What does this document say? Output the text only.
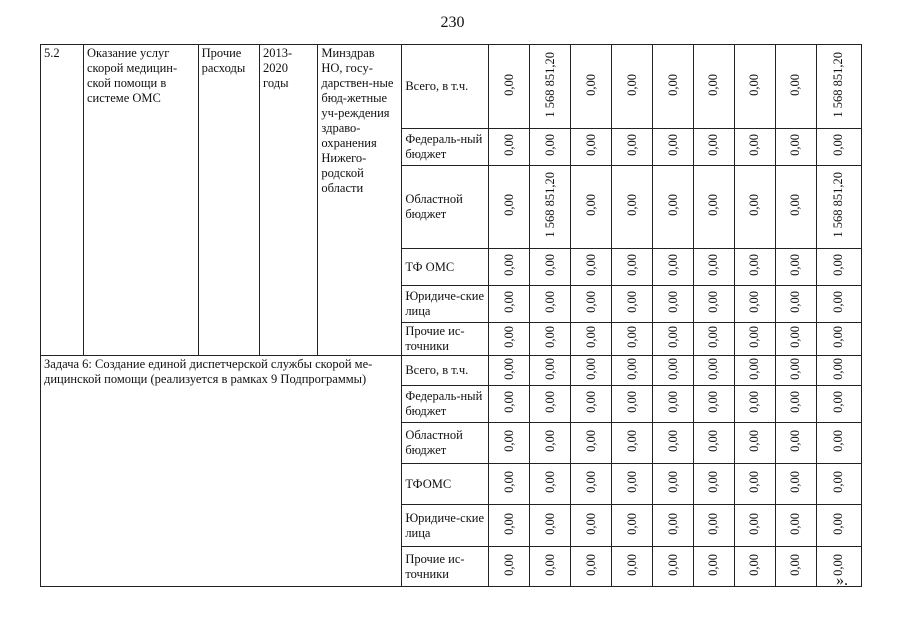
230
5.2	Оказание услуг скорой медицин-ской помощи в системе ОМС	Прочие расходы	2013-2020 годы	Минздрав НО, госу-дарствен-ные бюд-жетные уч-реждения здраво-охранения Нижего-родской области	Всего, в т.ч.	0,00	1 568 851,20	0,00	0,00	0,00	0,00	0,00	0,00	1 568 851,20
					Федераль-ный бюджет	0,00	0,00	0,00	0,00	0,00	0,00	0,00	0,00	0,00
					Областной бюджет	0,00	1 568 851,20	0,00	0,00	0,00	0,00	0,00	0,00	1 568 851,20
					ТФ ОМС	0,00	0,00	0,00	0,00	0,00	0,00	0,00	0,00	0,00
					Юридиче-ские лица	0,00	0,00	0,00	0,00	0,00	0,00	0,00	0,00	0,00
					Прочие ис-точники	0,00	0,00	0,00	0,00	0,00	0,00	0,00	0,00	0,00
Задача 6: Создание единой диспетчерской службы скорой ме-дицинской помощи (реализуется в рамках 9 Подпрограммы)					Всего, в т.ч.	0,00	0,00	0,00	0,00	0,00	0,00	0,00	0,00	0,00
					Федераль-ный бюджет	0,00	0,00	0,00	0,00	0,00	0,00	0,00	0,00	0,00
					Областной бюджет	0,00	0,00	0,00	0,00	0,00	0,00	0,00	0,00	0,00
					ТФОМС	0,00	0,00	0,00	0,00	0,00	0,00	0,00	0,00	0,00
					Юридиче-ские лица	0,00	0,00	0,00	0,00	0,00	0,00	0,00	0,00	0,00
					Прочие ис-точники	0,00	0,00	0,00	0,00	0,00	0,00	0,00	0,00	0,00
».
